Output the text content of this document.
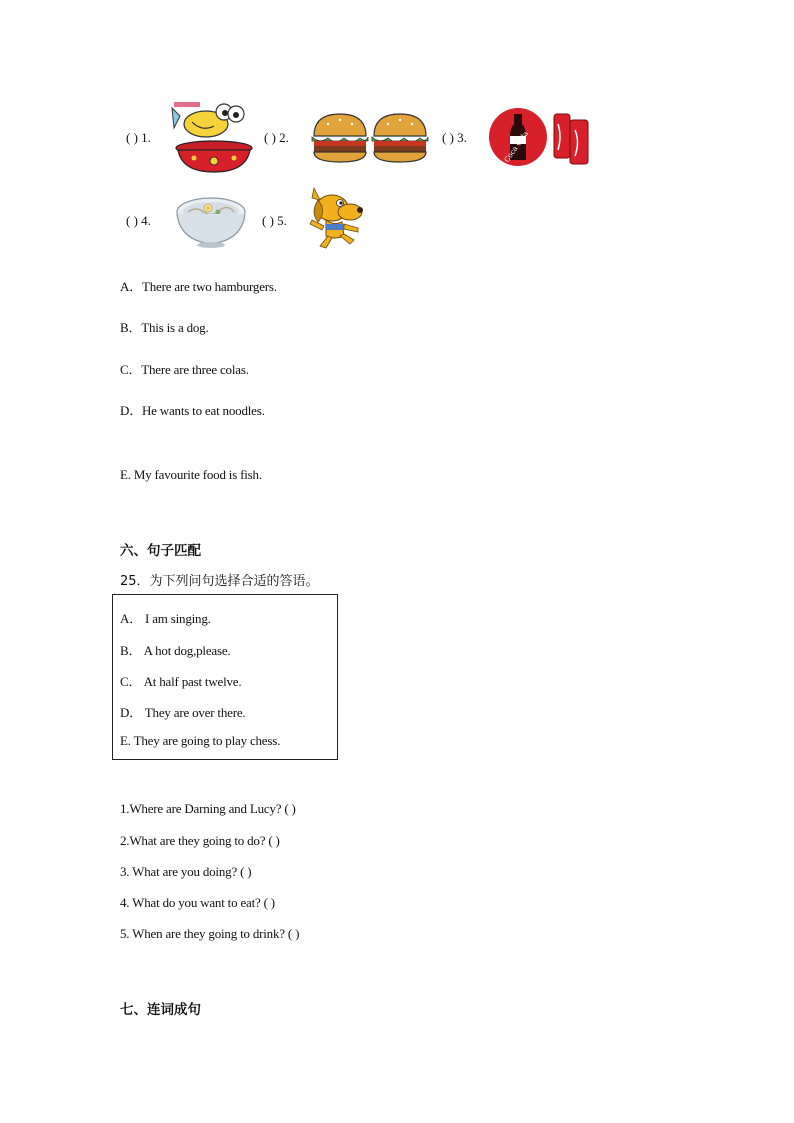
( ) 1.	( ) 2.	( ) 3.	Coca Cola
( ) 4.	( ) 5.
A．There are two hamburgers.
B．This is a dog.
C．There are three colas.
D．He wants to eat noodles.
E. My favourite food is fish.
六、句子匹配
25．为下列问句选择合适的答语。
A． I am singing.
B． A hot dog,please.
C． At half past twelve.
D． They are over there.
E. They are going to play chess.
1.Where are Darning and Lucy? ( )
2.What are they going to do? ( )
3. What are you doing? ( )
4. What do you want to eat? ( )
5. When are they going to drink? ( )
七、连词成句
